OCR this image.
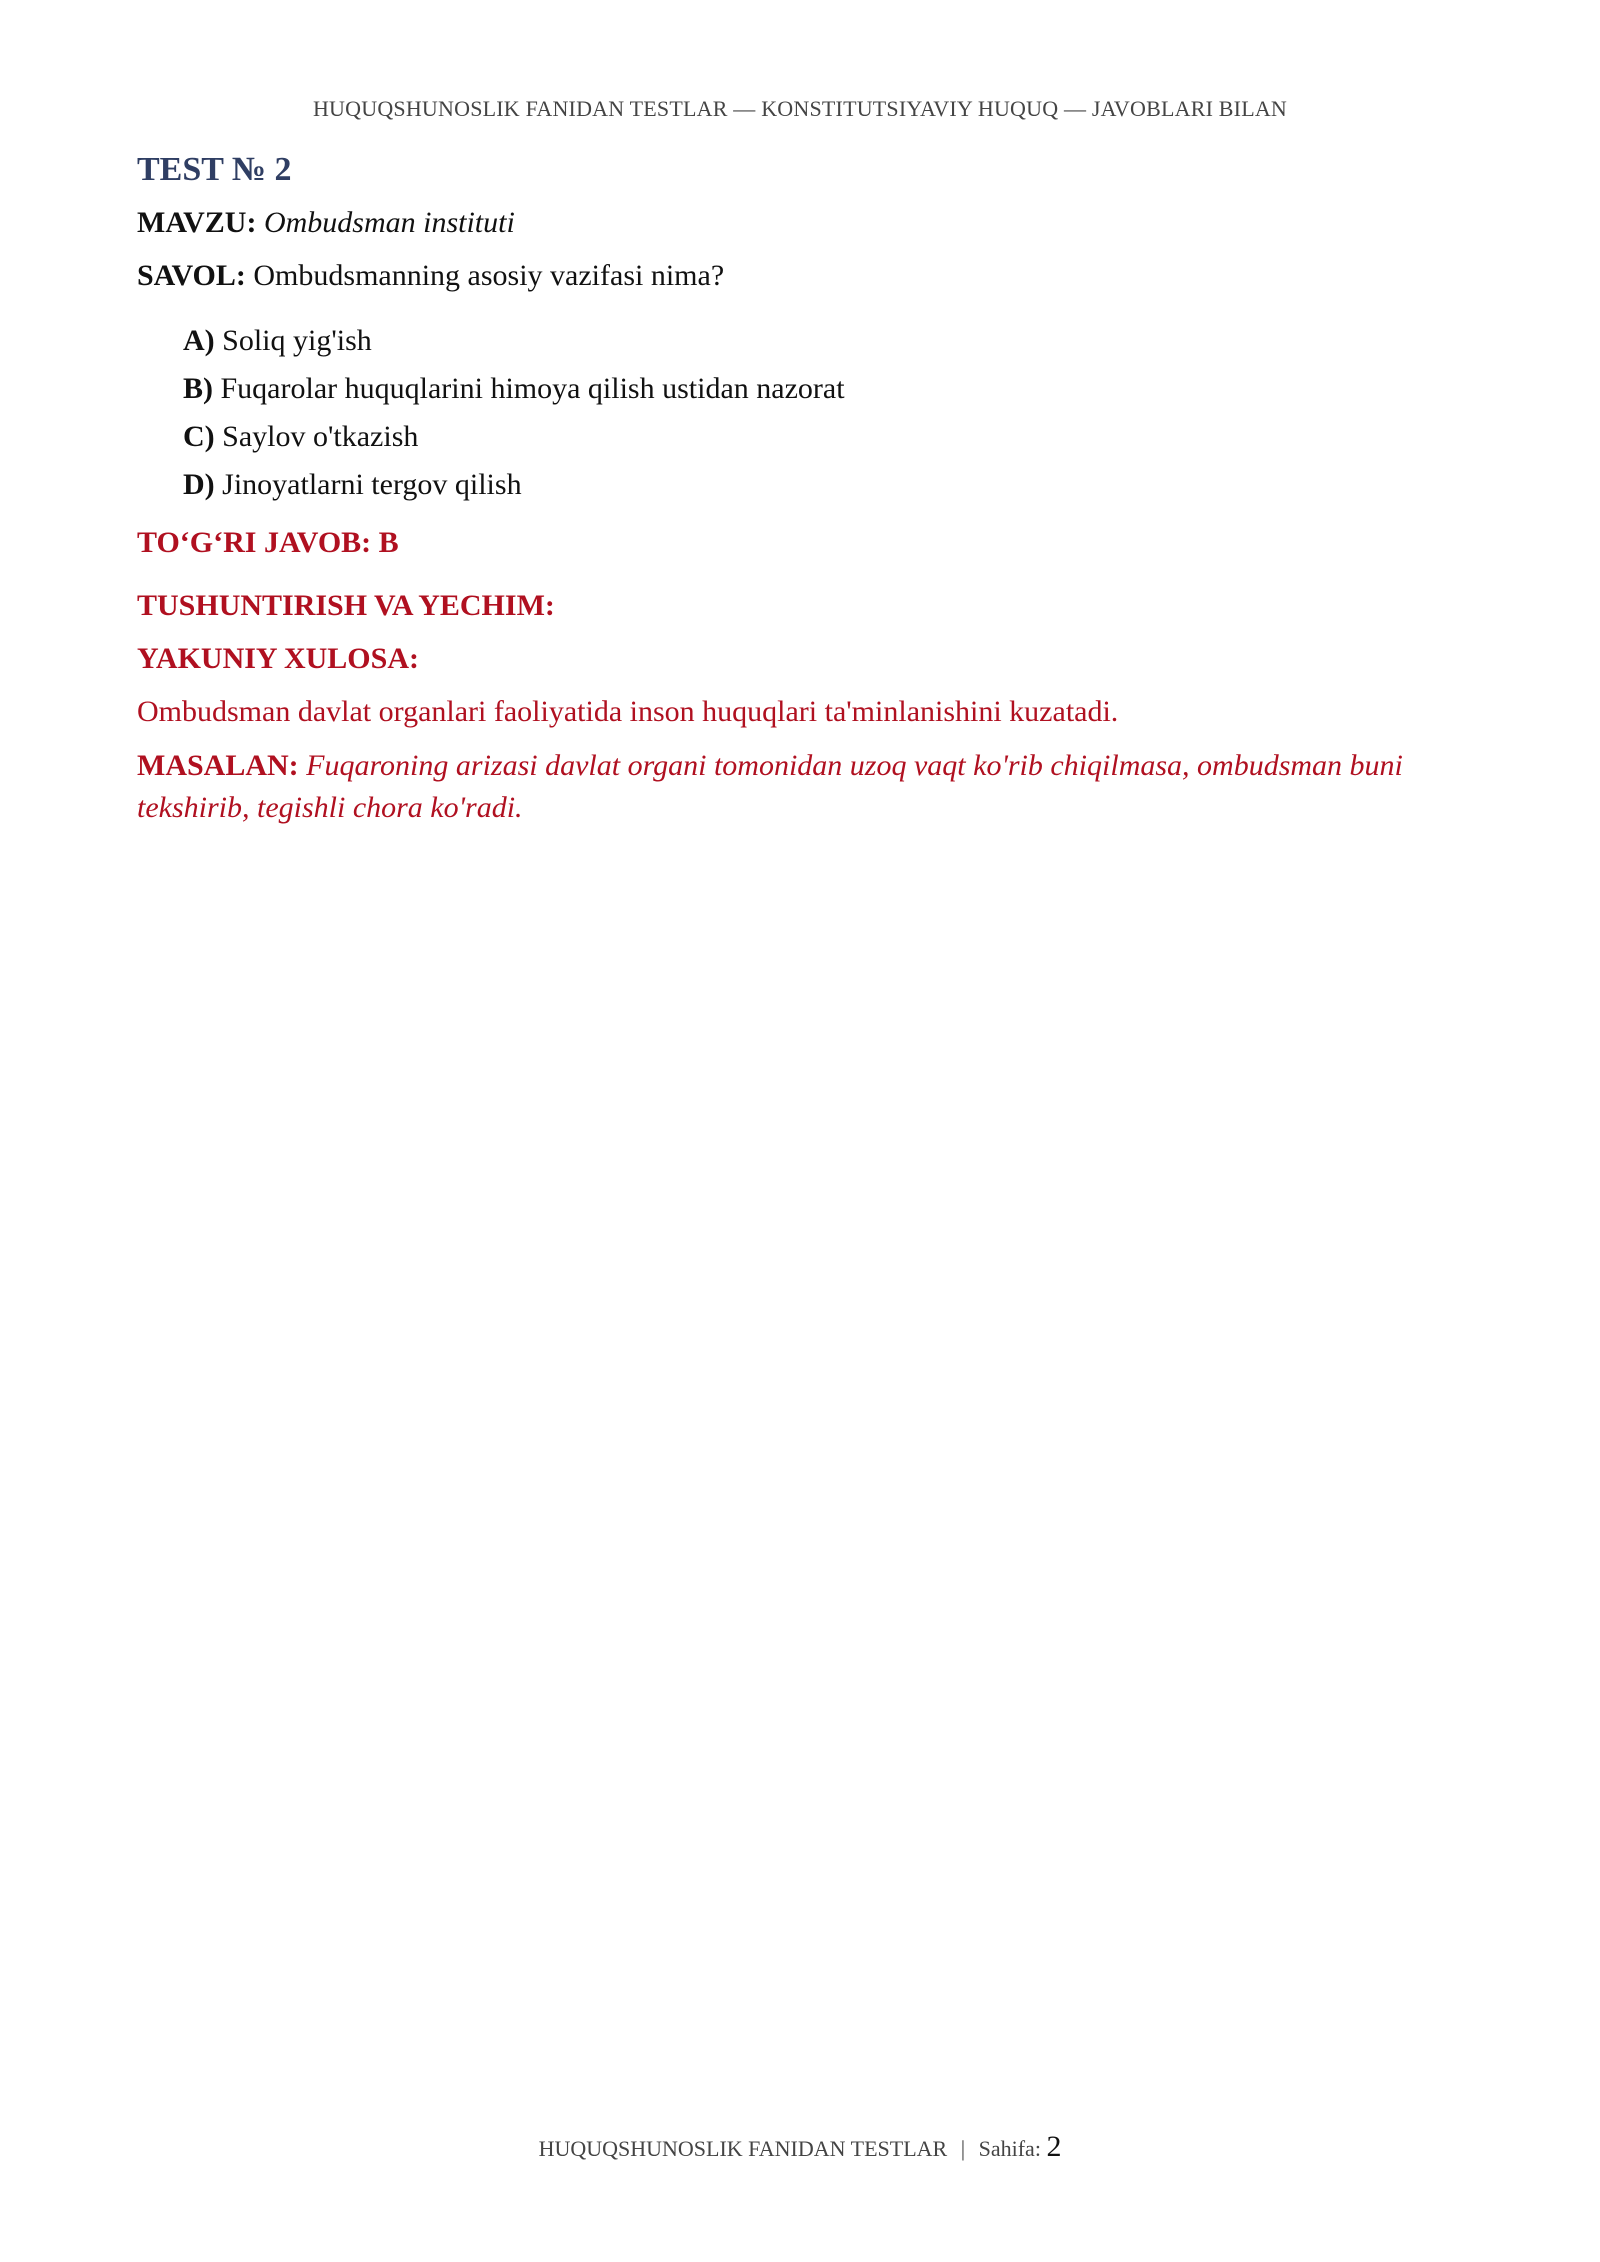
HUQUQSHUNOSLIK FANIDAN TESTLAR — KONSTITUTSIYAVIY HUQUQ — JAVOBLARI BILAN
TEST № 2

MAVZU: Ombudsman instituti

SAVOL: Ombudsmanning asosiy vazifasi nima?

A) Soliq yig'ish
B) Fuqarolar huquqlarini himoya qilish ustidan nazorat
C) Saylov o'tkazish
D) Jinoyatlarni tergov qilish

TO‘G‘RI JAVOB: B

TUSHUNTIRISH VA YECHIM:

YAKUNIY XULOSA:

Ombudsman davlat organlari faoliyatida inson huquqlari ta'minlanishini kuzatadi.

MASALAN: Fuqaroning arizasi davlat organi tomonidan uzoq vaqt ko'rib chiqilmasa, ombudsman buni tekshirib, tegishli chora ko'radi.

HUQUQSHUNOSLIK FANIDAN TESTLAR | Sahifa: 2
